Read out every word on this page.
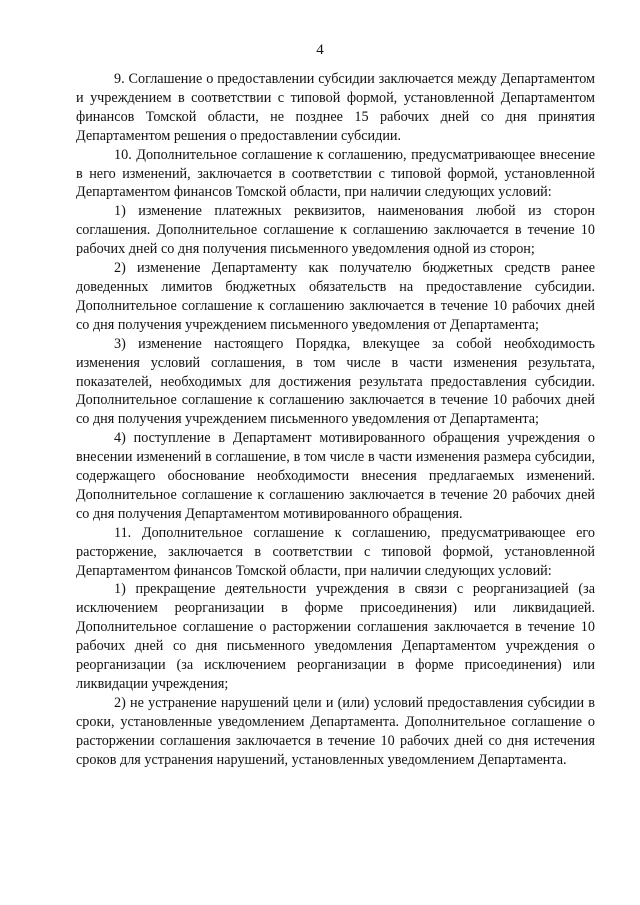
4

9. Соглашение о предоставлении субсидии заключается между Департаментом и учреждением в соответствии с типовой формой, установленной Департаментом финансов Томской области, не позднее 15 рабочих дней со дня принятия Департаментом решения о предоставлении субсидии.

10. Дополнительное соглашение к соглашению, предусматривающее внесение в него изменений, заключается в соответствии с типовой формой, установленной Департаментом финансов Томской области, при наличии следующих условий:

1) изменение платежных реквизитов, наименования любой из сторон соглашения. Дополнительное соглашение к соглашению заключается в течение 10 рабочих дней со дня получения письменного уведомления одной из сторон;

2) изменение Департаменту как получателю бюджетных средств ранее доведенных лимитов бюджетных обязательств на предоставление субсидии. Дополнительное соглашение к соглашению заключается в течение 10 рабочих дней со дня получения учреждением письменного уведомления от Департамента;

3) изменение настоящего Порядка, влекущее за собой необходимость изменения условий соглашения, в том числе в части изменения результата, показателей, необходимых для достижения результата предоставления субсидии. Дополнительное соглашение к соглашению заключается в течение 10 рабочих дней со дня получения учреждением письменного уведомления от Департамента;

4) поступление в Департамент мотивированного обращения учреждения о внесении изменений в соглашение, в том числе в части изменения размера субсидии, содержащего обоснование необходимости внесения предлагаемых изменений. Дополнительное соглашение к соглашению заключается в течение 20 рабочих дней со дня получения Департаментом мотивированного обращения.

11. Дополнительное соглашение к соглашению, предусматривающее его расторжение, заключается в соответствии с типовой формой, установленной Департаментом финансов Томской области, при наличии следующих условий:

1) прекращение деятельности учреждения в связи с реорганизацией (за исключением реорганизации в форме присоединения) или ликвидацией. Дополнительное соглашение о расторжении соглашения заключается в течение 10 рабочих дней со дня письменного уведомления Департаментом учреждения о реорганизации (за исключением реорганизации в форме присоединения) или ликвидации учреждения;

2) не устранение нарушений цели и (или) условий предоставления субсидии в сроки, установленные уведомлением Департамента. Дополнительное соглашение о расторжении соглашения заключается в течение 10 рабочих дней со дня истечения сроков для устранения нарушений, установленных уведомлением Департамента.
